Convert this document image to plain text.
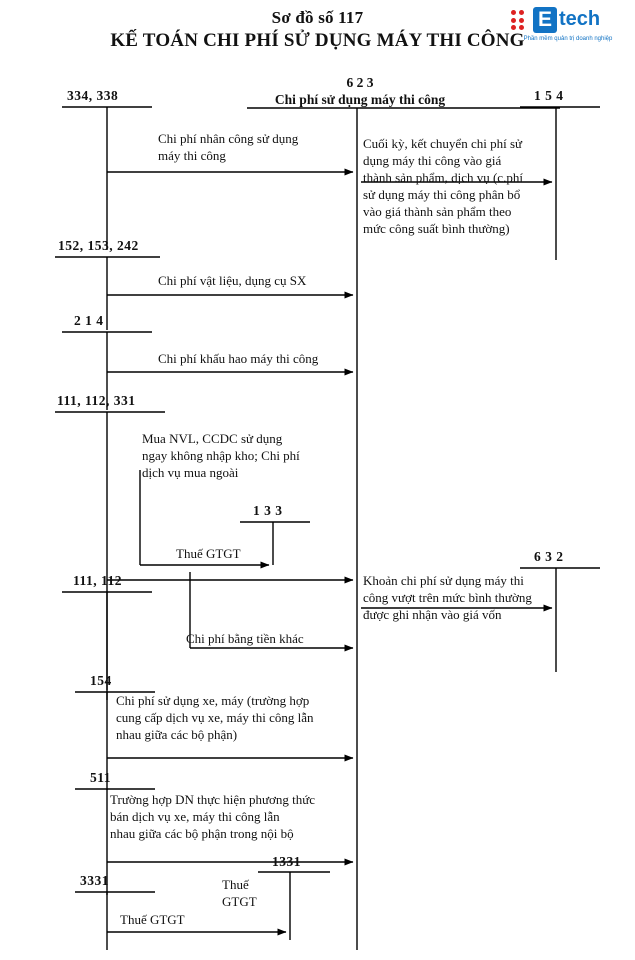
Sơ đồ số 117
KẾ TOÁN CHI PHÍ SỬ DỤNG MÁY THI CÔNG
E tech
Phần mềm quản trị doanh nghiệp
6 2 3
Chi phí sử dụng máy thi công
334, 338
152, 153, 242
2 1 4
111, 112, 331
1 3 3
111, 112
154
511
1331
3331
1 5 4
6 3 2
Chi phí nhân công sử dụng
máy thi công
Chi phí vật liệu, dụng cụ SX
Chi phí khấu hao máy thi công
Mua NVL, CCDC sử dụng
ngay không nhập kho; Chi phí
dịch vụ mua ngoài
Thuế GTGT
Chi phí bằng tiền khác
Chi phí sử dụng xe, máy (trường hợp
cung cấp dịch vụ xe, máy thi công lẫn
nhau giữa các bộ phận)
Trường hợp DN thực hiện phương thức
bán dịch vụ xe, máy thi công lẫn
nhau giữa các bộ phận trong nội bộ
Thuế
GTGT
Thuế GTGT
Cuối kỳ, kết chuyển chi phí sử
dụng máy thi công vào giá
thành sản phẩm, dịch vụ (c.phí
sử dụng máy thi công phân bổ
vào giá thành sản phẩm theo
mức công suất bình thường)
Khoản chi phí sử dụng máy thi
công vượt trên mức bình thường
được ghi nhận vào giá vốn
